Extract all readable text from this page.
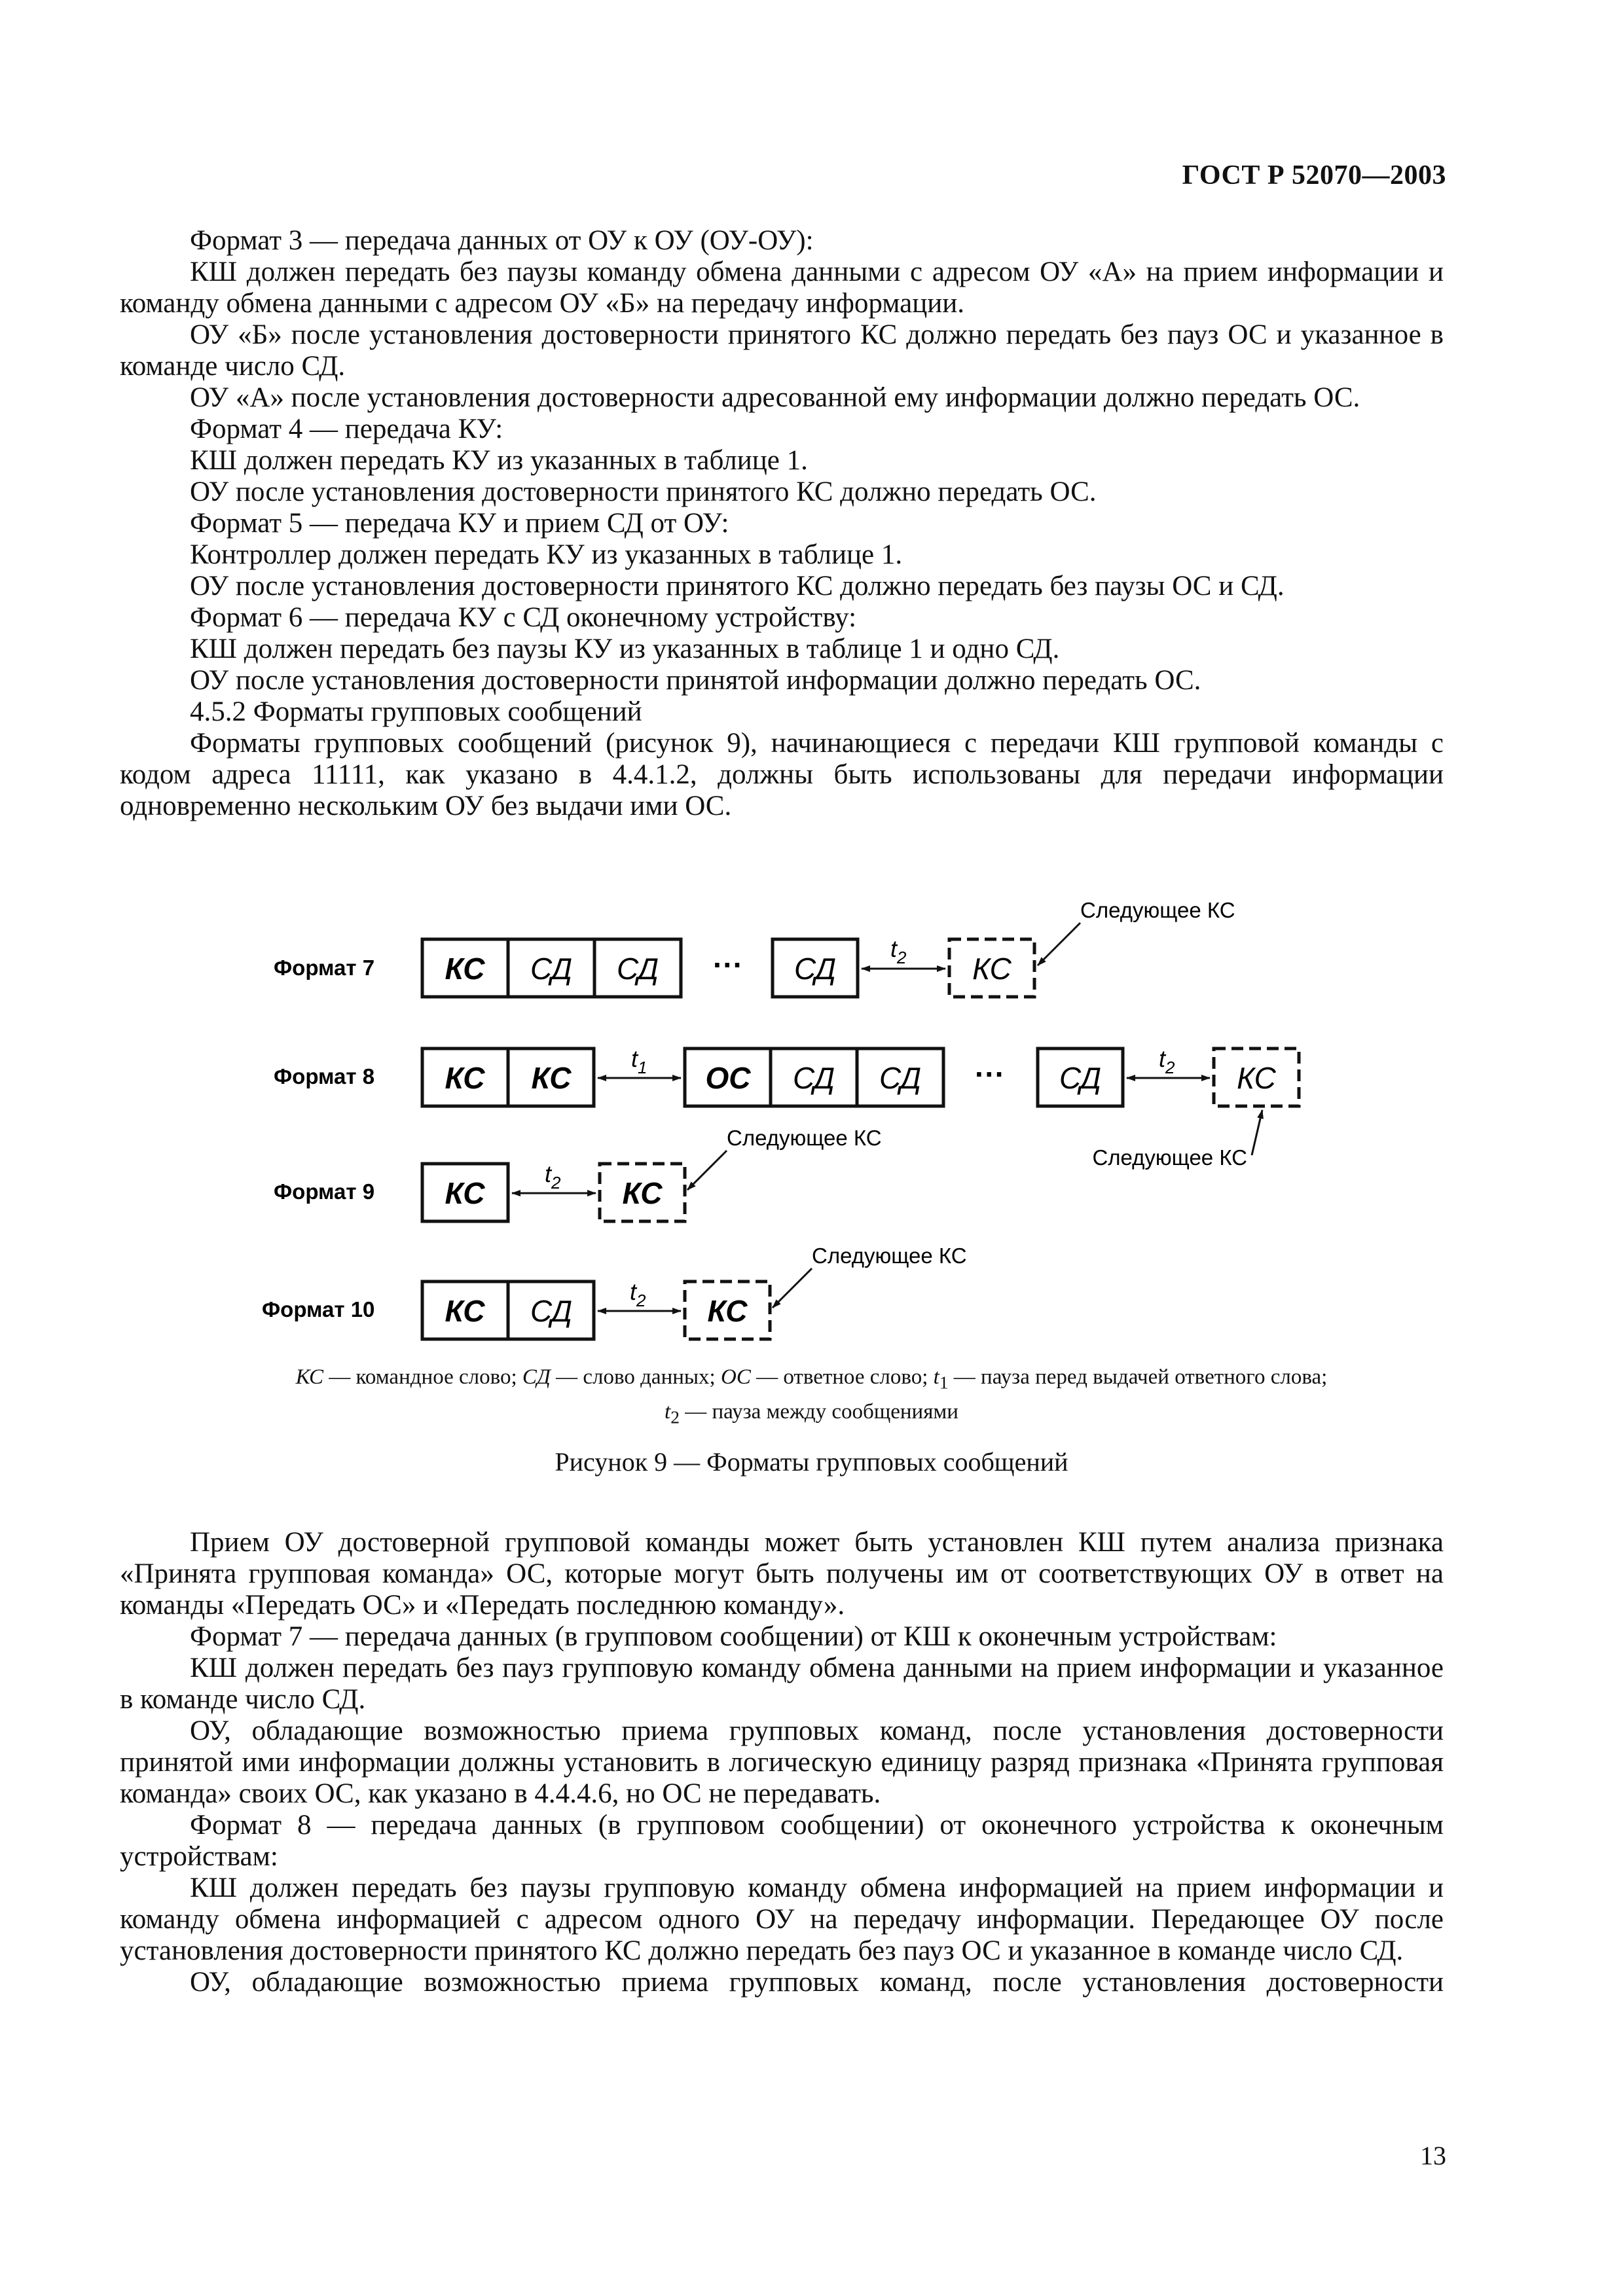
ГОСТ Р 52070—2003

Формат 3 — передача данных от ОУ к ОУ (ОУ-ОУ):

КШ должен передать без паузы команду обмена данными с адресом ОУ «А» на прием информации и команду обмена данными с адресом ОУ «Б» на передачу информации.

ОУ «Б» после установления достоверности принятого КС должно передать без пауз ОС и указанное в команде число СД.

ОУ «А» после установления достоверности адресованной ему информации должно передать ОС.

Формат 4 — передача КУ:

КШ должен передать КУ из указанных в таблице 1.

ОУ после установления достоверности принятого КС должно передать ОС.

Формат 5 — передача КУ и прием СД от ОУ:

Контроллер должен передать КУ из указанных в таблице 1.

ОУ после установления достоверности принятого КС должно передать без паузы ОС и СД.

Формат 6 — передача КУ с СД оконечному устройству:

КШ должен передать без паузы КУ из указанных в таблице 1 и одно СД.

ОУ после установления достоверности принятой информации должно передать ОС.

4.5.2 Форматы групповых сообщений

Форматы групповых сообщений (рисунок 9), начинающиеся с передачи КШ групповой команды с кодом адреса 11111, как указано в 4.4.1.2, должны быть использованы для передачи информации одновременно нескольким ОУ без выдачи ими ОС.

Формат 7 КС СД СД ··· СД
$t_2$ КС
Следующее КС
Формат 8 КС КС
$t_1$ ОС СД СД ··· СД
$t_2$ КС
Следующее КС
Формат 9 КС
$t_2$ КС
Следующее КС
Формат 10 КС СД
$t_2$ КС
Следующее КС
КС — командное слово; СД — слово данных; ОС — ответное слово; $t_1$ — пауза перед выдачей ответного слова;
$t_2$ — пауза между сообщениями
Рисунок 9 — Форматы групповых сообщений

Прием ОУ достоверной групповой команды может быть установлен КШ путем анализа признака «Принята групповая команда» ОС, которые могут быть получены им от соответствующих ОУ в ответ на команды «Передать ОС» и «Передать последнюю команду».

Формат 7 — передача данных (в групповом сообщении) от КШ к оконечным устройствам:

КШ должен передать без пауз групповую команду обмена данными на прием информации и указанное в команде число СД.

ОУ, обладающие возможностью приема групповых команд, после установления достоверности принятой ими информации должны установить в логическую единицу разряд признака «Принята групповая команда» своих ОС, как указано в 4.4.4.6, но ОС не передавать.

Формат 8 — передача данных (в групповом сообщении) от оконечного устройства к оконечным устройствам:

КШ должен передать без паузы групповую команду обмена информацией на прием информации и команду обмена информацией с адресом одного ОУ на передачу информации. Передающее ОУ после установления достоверности принятого КС должно передать без пауз ОС и указанное в команде число СД.

ОУ, обладающие возможностью приема групповых команд, после установления достоверности

13
